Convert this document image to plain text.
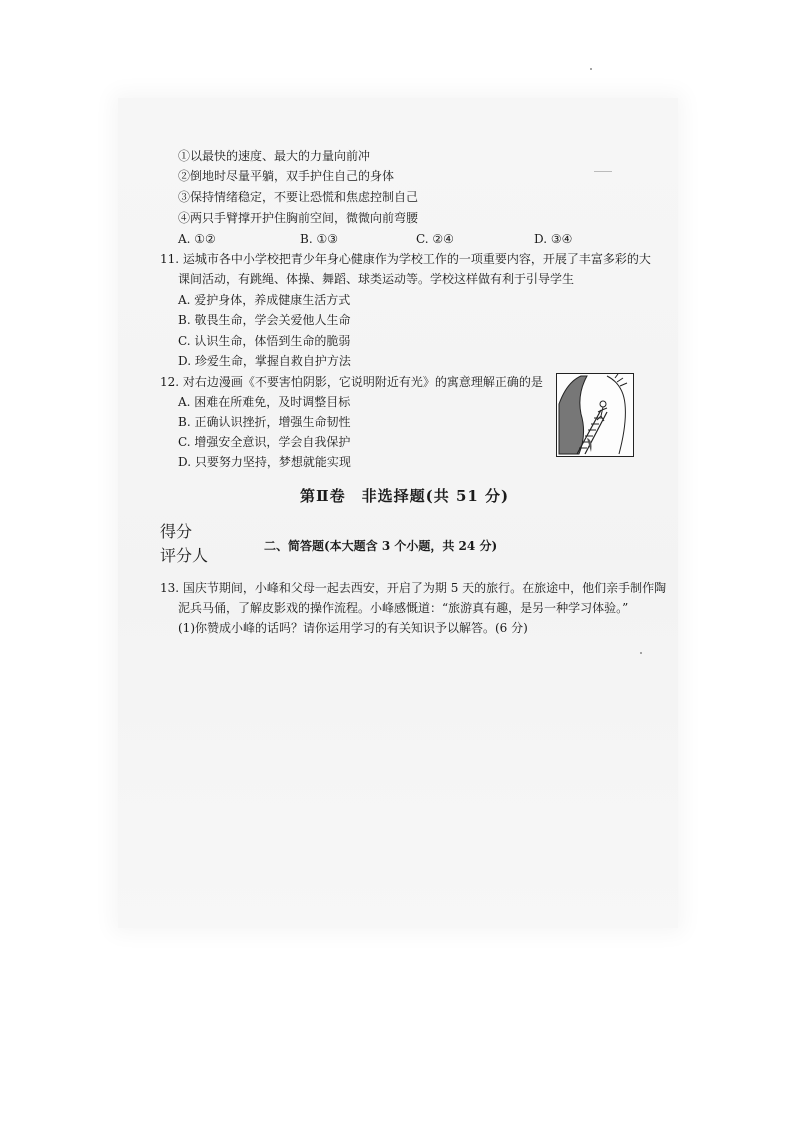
①以最快的速度、最大的力量向前冲
②倒地时尽量平躺，双手护住自己的身体
③保持情绪稳定，不要让恐慌和焦虑控制自己
④两只手臂撑开护住胸前空间，微微向前弯腰
A. ①②	B. ①③	C. ②④	D. ③④
11. 运城市各中小学校把青少年身心健康作为学校工作的一项重要内容，开展了丰富多彩的大
课间活动，有跳绳、体操、舞蹈、球类运动等。学校这样做有利于引导学生
A. 爱护身体，养成健康生活方式
B. 敬畏生命，学会关爱他人生命
C. 认识生命，体悟到生命的脆弱
D. 珍爱生命，掌握自救自护方法
12. 对右边漫画《不要害怕阴影，它说明附近有光》的寓意理解正确的是
A. 困难在所难免，及时调整目标
B. 正确认识挫折，增强生命韧性
C. 增强安全意识，学会自我保护
D. 只要努力坚持，梦想就能实现
第Ⅱ卷　非选择题(共 51 分)
得分
评分人	二、简答题(本大题含 3 个小题，共 24 分)
13. 国庆节期间，小峰和父母一起去西安，开启了为期 5 天的旅行。在旅途中，他们亲手制作陶
泥兵马俑，了解皮影戏的操作流程。小峰感慨道：“旅游真有趣，是另一种学习体验。”
(1)你赞成小峰的话吗？请你运用学习的有关知识予以解答。(6 分)
